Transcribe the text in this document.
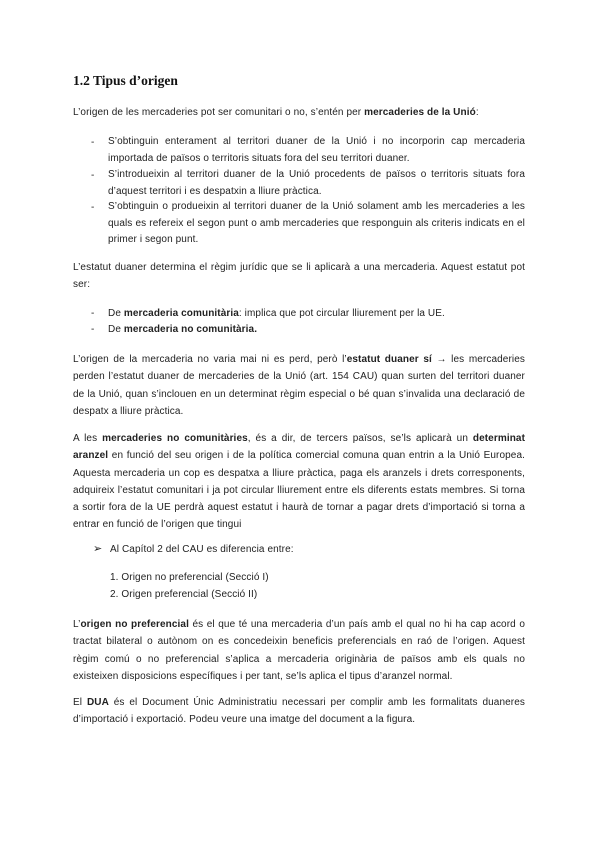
1.2 Tipus d’origen
L’origen de les mercaderies pot ser comunitari o no, s’entén per mercaderies de la Unió:
- S’obtinguin enterament al territori duaner de la Unió i no incorporin cap mercaderia importada de països o territoris situats fora del seu territori duaner.
- S’introdueixin al territori duaner de la Unió procedents de països o territoris situats fora d’aquest territori i es despatxin a lliure pràctica.
- S’obtinguin o produeixin al territori duaner de la Unió solament amb les mercaderies a les quals es refereix el segon punt o amb mercaderies que responguin als criteris indicats en el primer i segon punt.
L’estatut duaner determina el règim jurídic que se li aplicarà a una mercaderia. Aquest estatut pot ser:
- De mercaderia comunitària: implica que pot circular lliurement per la UE.
- De mercaderia no comunitària.
L’origen de la mercaderia no varia mai ni es perd, però l’estatut duaner sí → les mercaderies perden l’estatut duaner de mercaderies de la Unió (art. 154 CAU) quan surten del territori duaner de la Unió, quan s’inclouen en un determinat règim especial o bé quan s’invalida una declaració de despatx a lliure pràctica.
A les mercaderies no comunitàries, és a dir, de tercers països, se’ls aplicarà un determinat aranzel en funció del seu origen i de la política comercial comuna quan entrin a la Unió Europea. Aquesta mercaderia un cop es despatxa a lliure pràctica, paga els aranzels i drets corresponents, adquireix l’estatut comunitari i ja pot circular lliurement entre els diferents estats membres. Si torna a sortir fora de la UE perdrà aquest estatut i haurà de tornar a pagar drets d’importació si torna a entrar en funció de l’origen que tingui
➢ Al Capítol 2 del CAU es diferencia entre:
1. Origen no preferencial (Secció I)
2. Origen preferencial (Secció II)
L’origen no preferencial és el que té una mercaderia d’un país amb el qual no hi ha cap acord o tractat bilateral o autònom on es concedeixin beneficis preferencials en raó de l’origen. Aquest règim comú o no preferencial s’aplica a mercaderia originària de països amb els quals no existeixen disposicions específiques i per tant, se’ls aplica el tipus d’aranzel normal.
El DUA és el Document Únic Administratiu necessari per complir amb les formalitats duaneres d’importació i exportació. Podeu veure una imatge del document a la figura.
